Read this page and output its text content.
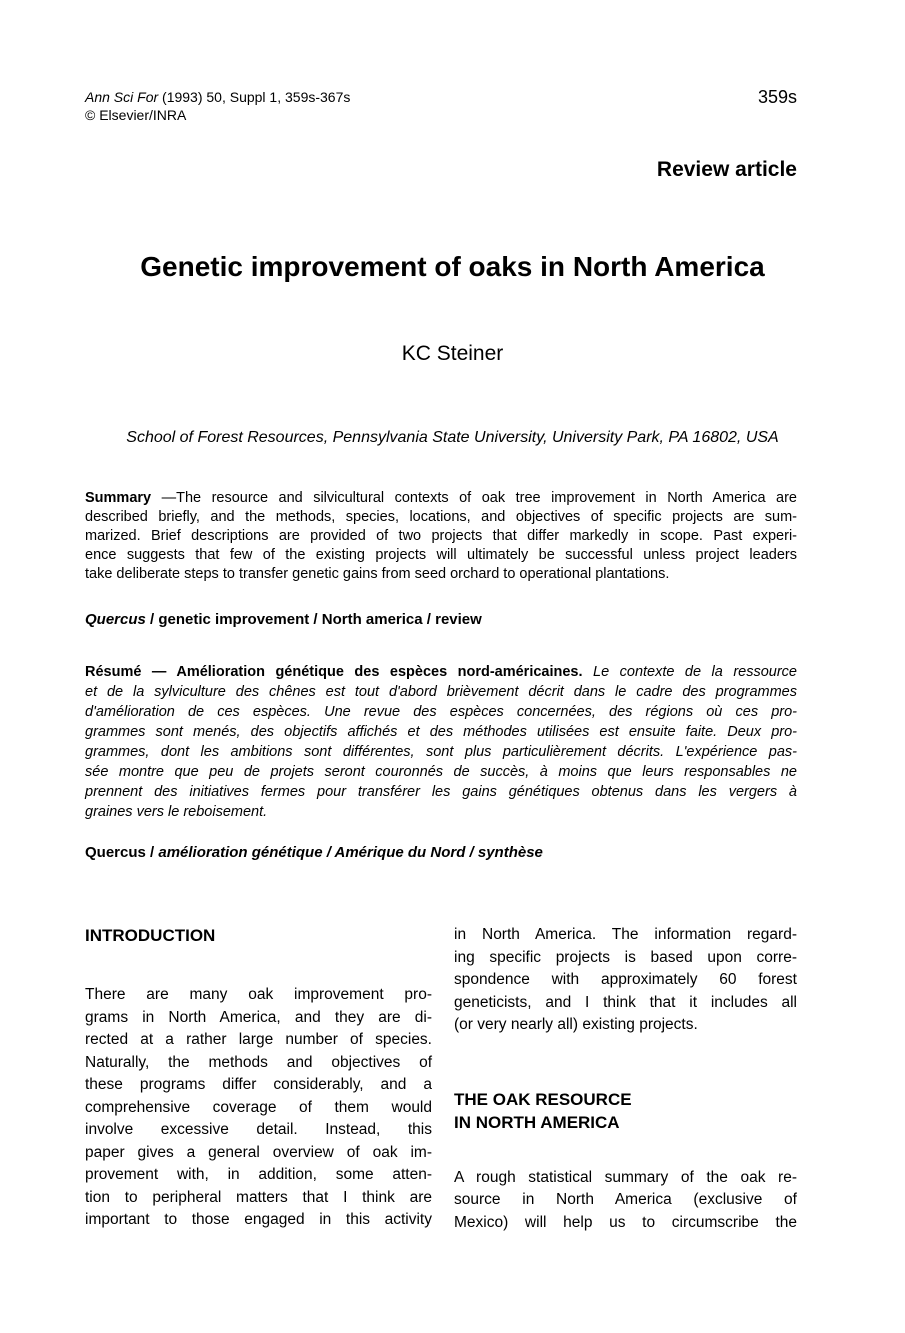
Ann Sci For (1993) 50, Suppl 1, 359s-367s
© Elsevier/INRA
359s
Review article
Genetic improvement of oaks in North America
KC Steiner
School of Forest Resources, Pennsylvania State University, University Park, PA 16802, USA
Summary —The resource and silvicultural contexts of oak tree improvement in North America are
described briefly, and the methods, species, locations, and objectives of specific projects are sum-
marized. Brief descriptions are provided of two projects that differ markedly in scope. Past experi-
ence suggests that few of the existing projects will ultimately be successful unless project leaders
take deliberate steps to transfer genetic gains from seed orchard to operational plantations.
Quercus / genetic improvement / North america / review
Résumé — Amélioration génétique des espèces nord-américaines. Le contexte de la ressource
et de la sylviculture des chênes est tout d'abord brièvement décrit dans le cadre des programmes
d'amélioration de ces espèces. Une revue des espèces concernées, des régions où ces pro-
grammes sont menés, des objectifs affichés et des méthodes utilisées est ensuite faite. Deux pro-
grammes, dont les ambitions sont différentes, sont plus particulièrement décrits. L'expérience pas-
sée montre que peu de projets seront couronnés de succès, à moins que leurs responsables ne
prennent des initiatives fermes pour transférer les gains génétiques obtenus dans les vergers à
graines vers le reboisement.
Quercus / amélioration génétique / Amérique du Nord / synthèse
INTRODUCTION
There are many oak improvement pro-
grams in North America, and they are di-
rected at a rather large number of species.
Naturally, the methods and objectives of
these programs differ considerably, and a
comprehensive coverage of them would
involve excessive detail. Instead, this
paper gives a general overview of oak im-
provement with, in addition, some atten-
tion to peripheral matters that I think are
important to those engaged in this activity
in North America. The information regard-
ing specific projects is based upon corre-
spondence with approximately 60 forest
geneticists, and I think that it includes all
(or very nearly all) existing projects.
THE OAK RESOURCE
IN NORTH AMERICA
A rough statistical summary of the oak re-
source in North America (exclusive of
Mexico) will help us to circumscribe the
